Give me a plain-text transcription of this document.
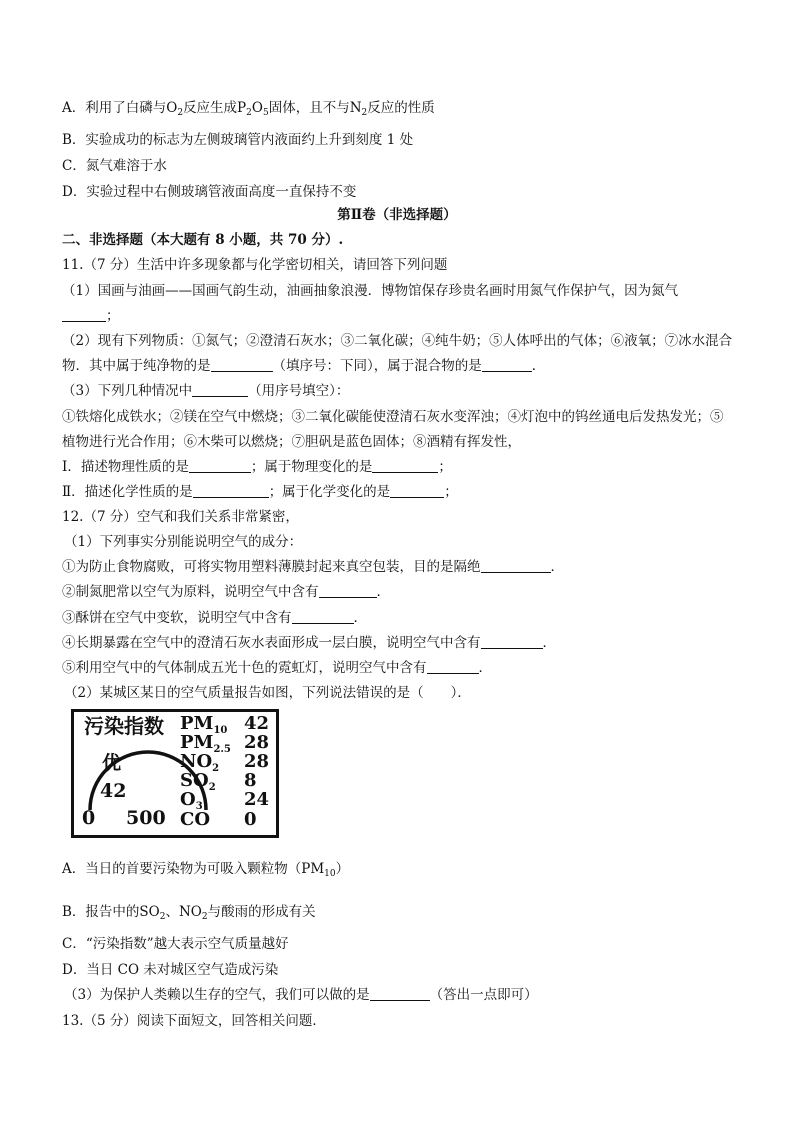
A．利用了白磷与$O_2$反应生成$P_2O_5$固体，且不与$N_2$反应的性质
B．实验成功的标志为左侧玻璃管内液面约上升到刻度 1 处
C．氮气难溶于水
D．实验过程中右侧玻璃管液面高度一直保持不变
第Ⅱ卷（非选择题）
二、非选择题（本大题有 8 小题，共 70 分）.
11.（7 分）生活中许多现象都与化学密切相关，请回答下列问题
（1）国画与油画——国画气韵生动，油画抽象浪漫．博物馆保存珍贵名画时用氮气作保护气，因为氮气
；
（2）现有下列物质：①氮气；②澄清石灰水；③二氧化碳；④纯牛奶；⑤人体呼出的气体；⑥液氧；⑦冰水混合
物．其中属于纯净物的是	（填序号：下同），属于混合物的是	．
（3）下列几种情况中	（用序号填空）：
①铁熔化成铁水；②镁在空气中燃烧；③二氧化碳能使澄清石灰水变浑浊；④灯泡中的钨丝通电后发热发光；⑤
植物进行光合作用；⑥木柴可以燃烧；⑦胆矾是蓝色固体；⑧酒精有挥发性，
Ⅰ．描述物理性质的是	；属于物理变化的是	；
Ⅱ．描述化学性质的是	；属于化学变化的是	；
12.（7 分）空气和我们关系非常紧密，
（1）下列事实分别能说明空气的成分：
①为防止食物腐败，可将实物用塑料薄膜封起来真空包装，目的是隔绝	．
②制氮肥常以空气为原料，说明空气中含有	．
③酥饼在空气中变软，说明空气中含有	．
④长期暴露在空气中的澄清石灰水表面形成一层白膜，说明空气中含有	．
⑤利用空气中的气体制成五光十色的霓虹灯，说明空气中含有	．
（2）某城区某日的空气质量报告如图，下列说法错误的是（　　）．
污染指数
优
42
0 500
$PM_{10}$ 42
$PM_{2.5}$ 28
$NO_2$ 28
$SO_2$ 8
$O_3$ 24
CO 0
A．当日的首要污染物为可吸入颗粒物$(PM_{10})$
B．报告中的$SO_2$、$NO_2$与酸雨的形成有关
C．“污染指数”越大表示空气质量越好
D．当日 CO 未对城区空气造成污染
（3）为保护人类赖以生存的空气，我们可以做的是	（答出一点即可）
13.（5 分）阅读下面短文，回答相关问题．
